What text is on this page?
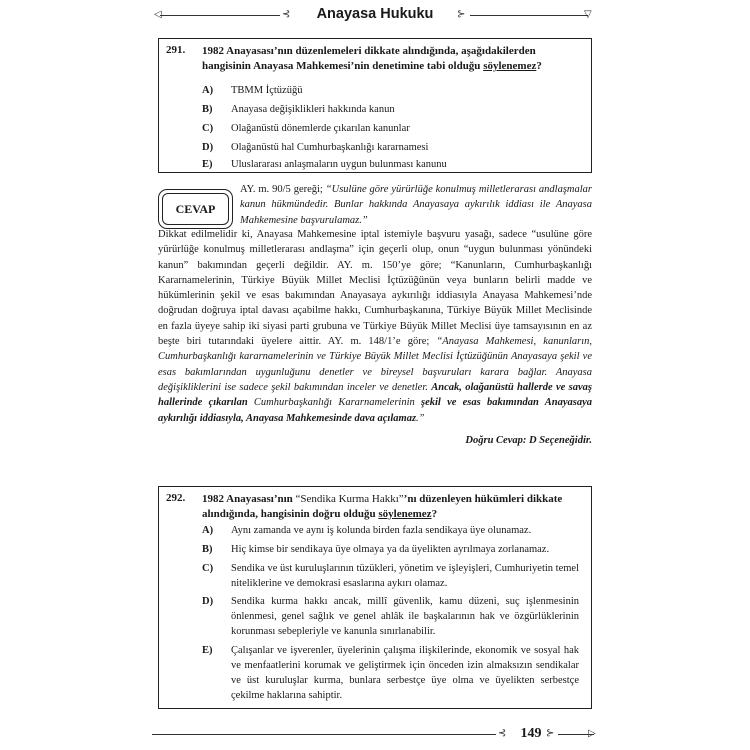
◁	⊰	Anayasa Hukuku	⊱	▽
291. 1982 Anayasası’nın düzenlemeleri dikkate alındığında, aşağıdakilerden hangisinin Anayasa Mahkemesi’nin denetimine tabi olduğu söylenemez?
A) TBMM İçtüzüğü
B) Anayasa değişiklikleri hakkında kanun
C) Olağanüstü dönemlerde çıkarılan kanunlar
D) Olağanüstü hal Cumhurbaşkanlığı kararnamesi
E) Uluslararası anlaşmaların uygun bulunması kanunu
CEVAP
AY. m. 90/5 gereği; “Usulüne göre yürürlüğe konulmuş milletlerarası andlaşmalar kanun hükmündedir. Bunlar hakkında Anayasaya aykırılık iddiası ile Anayasa Mahkemesine başvurulamaz.”
Dikkat edilmelidir ki, Anayasa Mahkemesine iptal istemiyle başvuru yasağı, sadece “usulüne göre yürürlüğe konulmuş milletlerarası andlaşma” için geçerli olup, onun “uygun bulunması yönündeki kanun” bakımından geçerli değildir. AY. m. 150’ye göre; “Kanunların, Cumhurbaşkanlığı Kararnamelerinin, Türkiye Büyük Millet Meclisi İçtüzüğünün veya bunların belirli madde ve hükümlerinin şekil ve esas bakımından Anayasaya aykırılığı iddiasıyla Anayasa Mahkemesi’nde doğrudan doğruya iptal davası açabilme hakkı, Cumhurbaşkanına, Türkiye Büyük Millet Meclisinde en fazla üyeye sahip iki siyasi parti grubuna ve Türkiye Büyük Millet Meclisi üye tamsayısının en az beşte biri tutarındaki üyelere aittir. AY. m. 148/1’e göre; “Anayasa Mahkemesi, kanunların, Cumhurbaşkanlığı kararnamelerinin ve Türkiye Büyük Millet Meclisi İçtüzüğünün Anayasaya şekil ve esas bakımlarından uygunluğunu denetler ve bireysel başvuruları karara bağlar. Anayasa değişikliklerini ise sadece şekil bakımından inceler ve denetler. Ancak, olağanüstü hallerde ve savaş hallerinde çıkarılan Cumhurbaşkanlığı Kararnamelerinin şekil ve esas bakımından Anayasaya aykırılığı iddiasıyla, Anayasa Mahkemesinde dava açılamaz.”
Doğru Cevap: D Seçeneğidir.
292. 1982 Anayasası’nın “Sendika Kurma Hakkı”’nı düzenleyen hükümleri dikkate alındığında, hangisinin doğru olduğu söylenemez?
A) Aynı zamanda ve aynı iş kolunda birden fazla sendikaya üye olunamaz.
B) Hiç kimse bir sendikaya üye olmaya ya da üyelikten ayrılmaya zorlanamaz.
C) Sendika ve üst kuruluşlarının tüzükleri, yönetim ve işleyişleri, Cumhuriyetin temel niteliklerine ve demokrasi esaslarına aykırı olamaz.
D) Sendika kurma hakkı ancak, millî güvenlik, kamu düzeni, suç işlenmesinin önlenmesi, genel sağlık ve genel ahlâk ile başkalarının hak ve özgürlüklerinin korunması sebepleriyle ve kanunla sınırlanabilir.
E) Çalışanlar ve işverenler, üyelerinin çalışma ilişkilerinde, ekonomik ve sosyal hak ve menfaatlerini korumak ve geliştirmek için önceden izin almaksızın sendikalar ve üst kuruluşlar kurma, bunlara serbestçe üye olma ve üyelikten serbestçe çekilme haklarına sahiptir.
⊰ 149 ⊱	▷
